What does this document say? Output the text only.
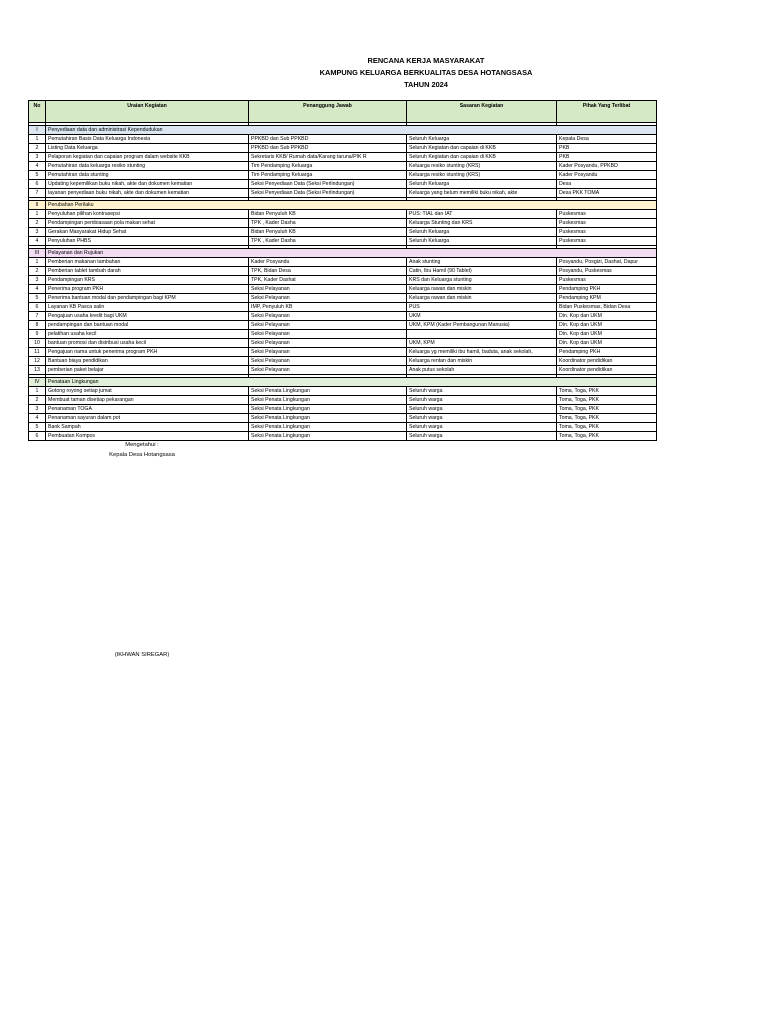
RENCANA KERJA MASYARAKAT
KAMPUNG KELUARGA BERKUALITAS DESA HOTANGSASA
TAHUN 2024
No	Uraian Kegiatan	Penanggung Jawab	Sasaran Kegiatan	Pihak Yang Terlibat

I	Penyediaan data dan administrasi Kependudukan			
1	Pemutahiran Basis Data Keluarga Indonesia	PPKBD dan Sub PPKBD	Seluruh Keluarga	Kepala Desa
2	Listing Data Keluarga	PPKBD dan Sub PPKBD	Seluruh Kegiatan dan capaian di KKB	PKB
3	Pelaporan kegiatan dan capaian program dalam website KKB	Sekretaris KKB/ Rumah data/Karang taruna/PIK R	Seluruh Kegiatan dan capaian di KKB	PKB
4	Pemutahiran data keluarga resiko stunting	Tim Pendamping Keluarga	Keluarga resiko stunting (KRS)	Kader Posyandu, PPKBD
5	Pemutahiran data stunting	Tim Pendamping Keluarga	Keluarga resiko stunting (KRS)	Kader Posyandu
6	Updating kepemilikan buku nikah, akte dan dokumen kematian	Seksi Penyediaan Data (Seksi Perlindungan)	Seluruh Keluarga	Desa
7	layanan penyediaan buku nikah, akte dan dokumen kematian	Seksi Penyediaan Data (Seksi Perlindungan)	Keluarga yang belum memiliki buku nikah, akte	Desa PKK TOMA

II	Perubahan Perilaku			
1	Penyuluhan pilihan kontrasepsi	Bidan Penyuluh KB	PUS: TIAL dan IAT	Puskesmas
2	Pendampingan pembiasaan pola makan sehat	TPK , Kader Dasha	Keluarga Stunting dan KRS	Puskesmas
3	Gerakan Masyarakat Hidup Sehat	Bidan Penyuluh KB	Seluruh Keluarga	Puskesmas
4	Penyuluhan PHBS	TPK , Kader Dasha	Seluruh Keluarga	Puskesmas

III	Pelayanan dan Rujukan			
1	Pemberian makanan tambahan	Kader Posyandu	Anak stunting	Posyandu, Posgizi, Dashat, Dapur
2	Pemberian tablet tambah darah	TPK, Bidan Desa	Catin, Ibu Hamil (90 Tablet)	Posyandu, Puskesmas
3	Pendampingan KRS	TPK, Kader Dashat	KRS dan Keluarga stunting	Puskesmas
4	Penerima program PKH	Seksi Pelayanan	Keluarga rawan dan miskin	Pendamping PKH
5	Penerima bantuan modal dan pendampingan bagi KPM	Seksi Pelayanan	Keluarga rawan dan miskin	Pendamping KPM
6	Layanan KB Pasca salin	IMP, Penyuluh KB	PUS	Bidan Puskesmas, Bidan Desa
7	Pengajuan usaha kredit bagi UKM	Seksi Pelayanan	UKM	Din. Kop dan UKM
8	pendampingan dan bantuan modal	Seksi Pelayanan	UKM, KPM (Kader Pembangunan Manusia)	Din. Kop dan UKM
9	pelatihan usaha kecil	Seksi Pelayanan		Din. Kop dan UKM
10	bantuan promosi dan distribusi usaha kecil	Seksi Pelayanan	UKM, KPM	Din. Kop dan UKM
11	Pengajuan nama untuk penerima program PKH	Seksi Pelayanan	Keluarga yg memiliki ibu hamil, baduta, anak sekolah,	Pendamping PKH
12	Bantuan biaya pendidikan	Seksi Pelayanan	Keluarga rentan dan miskin	Koordinator pendidikan
13	pemberian paket belajar	Seksi Pelayanan	Anak putus sekolah	Koordinator pendidikan

IV	Penataan Lingkungan			
1	Gotong royong setiap jumat	Seksi Penata Lingkungan	Seluruh warga	Toma, Toga, PKK
2	Membuat taman disetiap pekarangan	Seksi Penata Lingkungan	Seluruh warga	Toma, Toga, PKK
3	Penanaman TOGA	Seksi Penata Lingkungan	Seluruh warga	Toma, Toga, PKK
4	Penanaman sayuran dalam pot	Seksi Penata Lingkungan	Seluruh warga	Toma, Toga, PKK
5	Bank Sampah	Seksi Penata Lingkungan	Seluruh warga	Toma, Toga, PKK
6	Pembuatan Kompos	Seksi Penata Lingkungan	Seluruh warga	Toma, Toga, PKK
Mengetahui :
Kepala Desa Hotangsasa
(IKHWAN SIREGAR)
